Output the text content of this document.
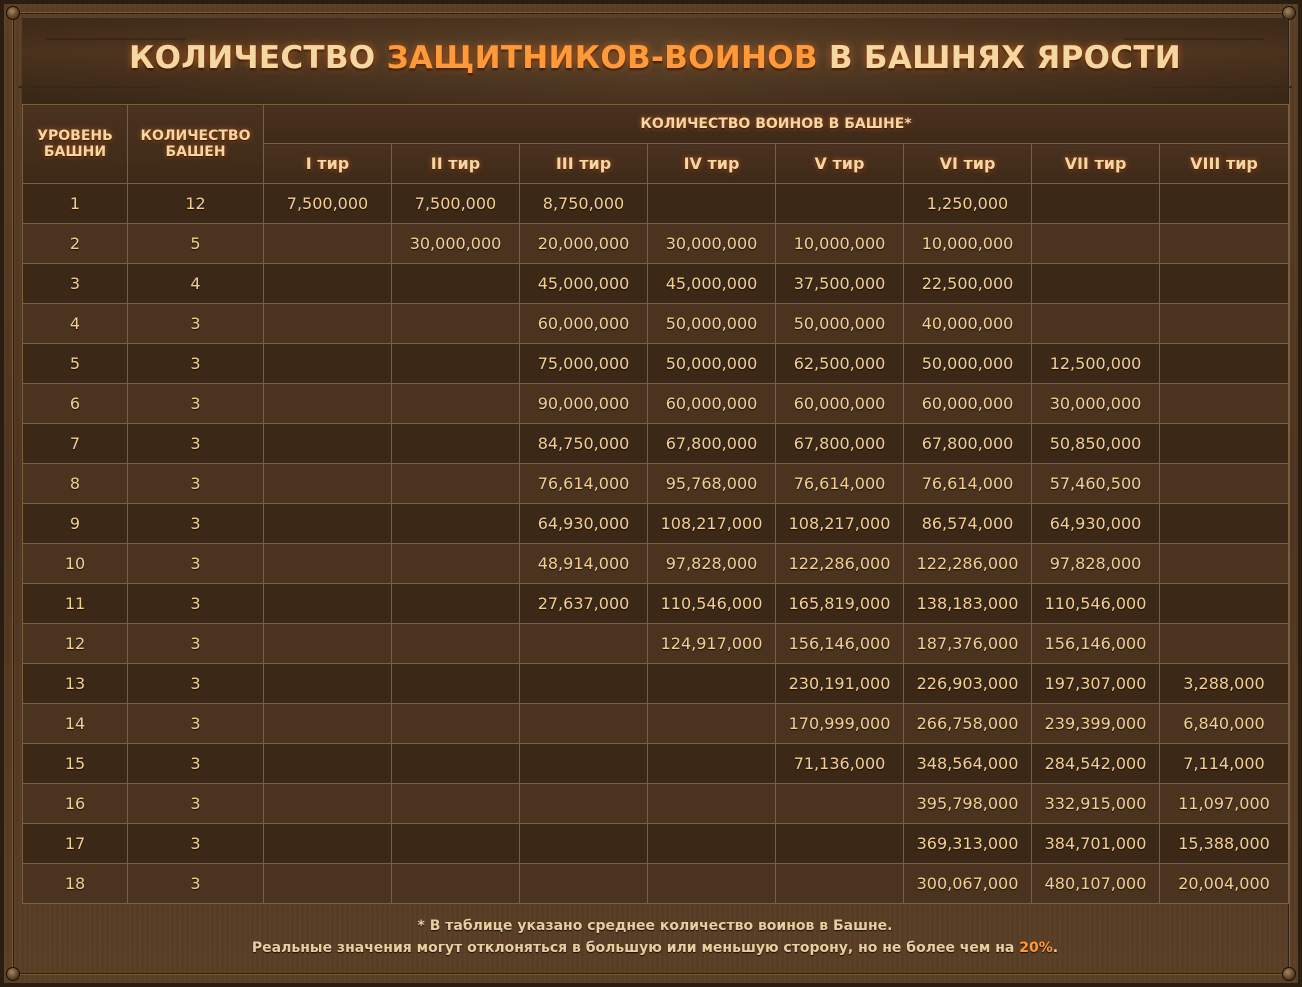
КОЛИЧЕСТВО ЗАЩИТНИКОВ-ВОИНОВ В БАШНЯХ ЯРОСТИ
УРОВЕНЬ БАШНИ	КОЛИЧЕСТВО БАШЕН	КОЛИЧЕСТВО ВОИНОВ В БАШНЕ*							
		I тир	II тир	III тир	IV тир	V тир	VI тир	VII тир	VIII тир
1	12	7,500,000	7,500,000	8,750,000			1,250,000		
2	5		30,000,000	20,000,000	30,000,000	10,000,000	10,000,000		
3	4			45,000,000	45,000,000	37,500,000	22,500,000		
4	3			60,000,000	50,000,000	50,000,000	40,000,000		
5	3			75,000,000	50,000,000	62,500,000	50,000,000	12,500,000	
6	3			90,000,000	60,000,000	60,000,000	60,000,000	30,000,000	
7	3			84,750,000	67,800,000	67,800,000	67,800,000	50,850,000	
8	3			76,614,000	95,768,000	76,614,000	76,614,000	57,460,500	
9	3			64,930,000	108,217,000	108,217,000	86,574,000	64,930,000	
10	3			48,914,000	97,828,000	122,286,000	122,286,000	97,828,000	
11	3			27,637,000	110,546,000	165,819,000	138,183,000	110,546,000	
12	3				124,917,000	156,146,000	187,376,000	156,146,000	
13	3					230,191,000	226,903,000	197,307,000	3,288,000
14	3					170,999,000	266,758,000	239,399,000	6,840,000
15	3					71,136,000	348,564,000	284,542,000	7,114,000
16	3						395,798,000	332,915,000	11,097,000
17	3						369,313,000	384,701,000	15,388,000
18	3						300,067,000	480,107,000	20,004,000
* В таблице указано среднее количество воинов в Башне.
Реальные значения могут отклоняться в большую или меньшую сторону, но не более чем на 20%.
